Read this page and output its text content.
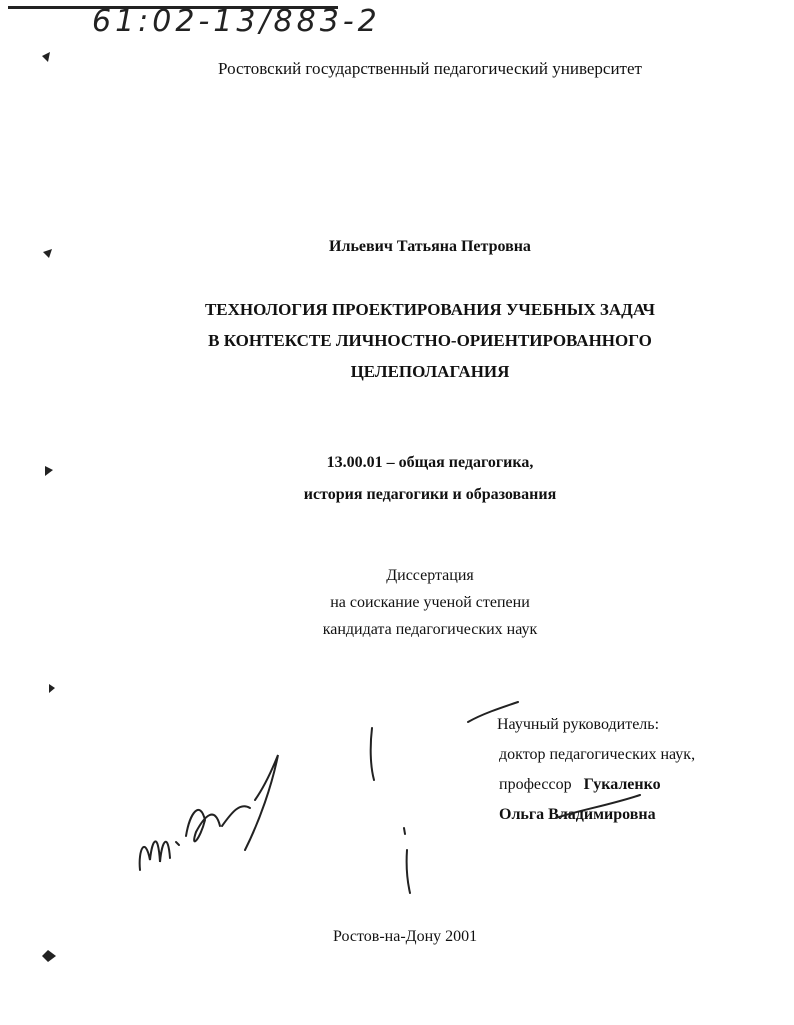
61:02-13/883-2
Ростовский государственный педагогический университет
Ильевич Татьяна Петровна
ТЕХНОЛОГИЯ ПРОЕКТИРОВАНИЯ УЧЕБНЫХ ЗАДАЧ
В КОНТЕКСТЕ ЛИЧНОСТНО-ОРИЕНТИРОВАННОГО
ЦЕЛЕПОЛАГАНИЯ
13.00.01 – общая педагогика,
история педагогики и образования
Диссертация
на соискание ученой степени
кандидата педагогических наук
Научный руководитель:
доктор педагогических наук,
профессор Гукаленко
Ольга Владимировна
Ростов-на-Дону 2001
